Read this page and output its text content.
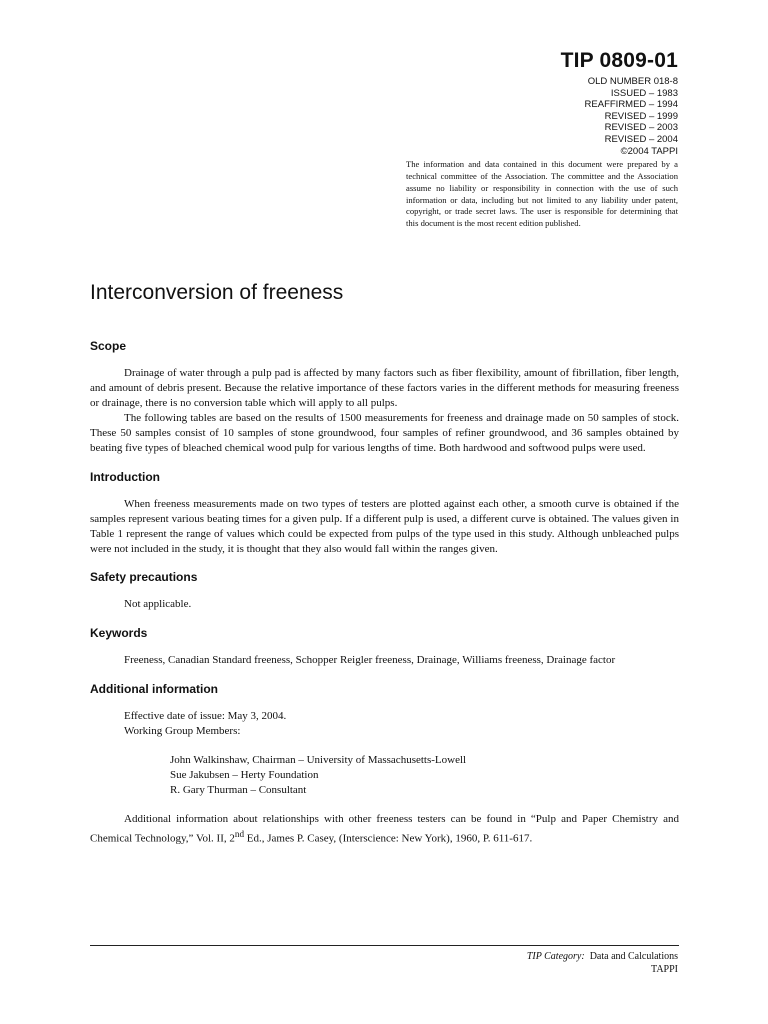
TIP 0809-01
OLD NUMBER 018-8
ISSUED – 1983
REAFFIRMED – 1994
REVISED – 1999
REVISED – 2003
REVISED – 2004
©2004 TAPPI
The information and data contained in this document were prepared by a technical committee of the Association. The committee and the Association assume no liability or responsibility in connection with the use of such information or data, including but not limited to any liability under patent, copyright, or trade secret laws. The user is responsible for determining that this document is the most recent edition published.
Interconversion of freeness
Scope

Drainage of water through a pulp pad is affected by many factors such as fiber flexibility, amount of fibrillation, fiber length, and amount of debris present. Because the relative importance of these factors varies in the different methods for measuring freeness or drainage, there is no conversion table which will apply to all pulps.

The following tables are based on the results of 1500 measurements for freeness and drainage made on 50 samples of stock. These 50 samples consist of 10 samples of stone groundwood, four samples of refiner groundwood, and 36 samples obtained by beating five types of bleached chemical wood pulp for various lengths of time. Both hardwood and softwood pulps were used.

Introduction

When freeness measurements made on two types of testers are plotted against each other, a smooth curve is obtained if the samples represent various beating times for a given pulp. If a different pulp is used, a different curve is obtained. The values given in Table 1 represent the range of values which could be expected from pulps of the type used in this study. Although unbleached pulps were not included in the study, it is thought that they also would fall within the ranges given.

Safety precautions

Not applicable.

Keywords

Freeness, Canadian Standard freeness, Schopper Reigler freeness, Drainage, Williams freeness, Drainage factor

Additional information
Effective date of issue: May 3, 2004.
Working Group Members:
John Walkinshaw, Chairman – University of Massachusetts-Lowell
Sue Jakubsen – Herty Foundation
R. Gary Thurman – Consultant

Additional information about relationships with other freeness testers can be found in “Pulp and Paper Chemistry and Chemical Technology,” Vol. II, 2nd Ed., James P. Casey, (Interscience: New York), 1960, P. 611-617.

TIP Category: Data and Calculations
TAPPI
